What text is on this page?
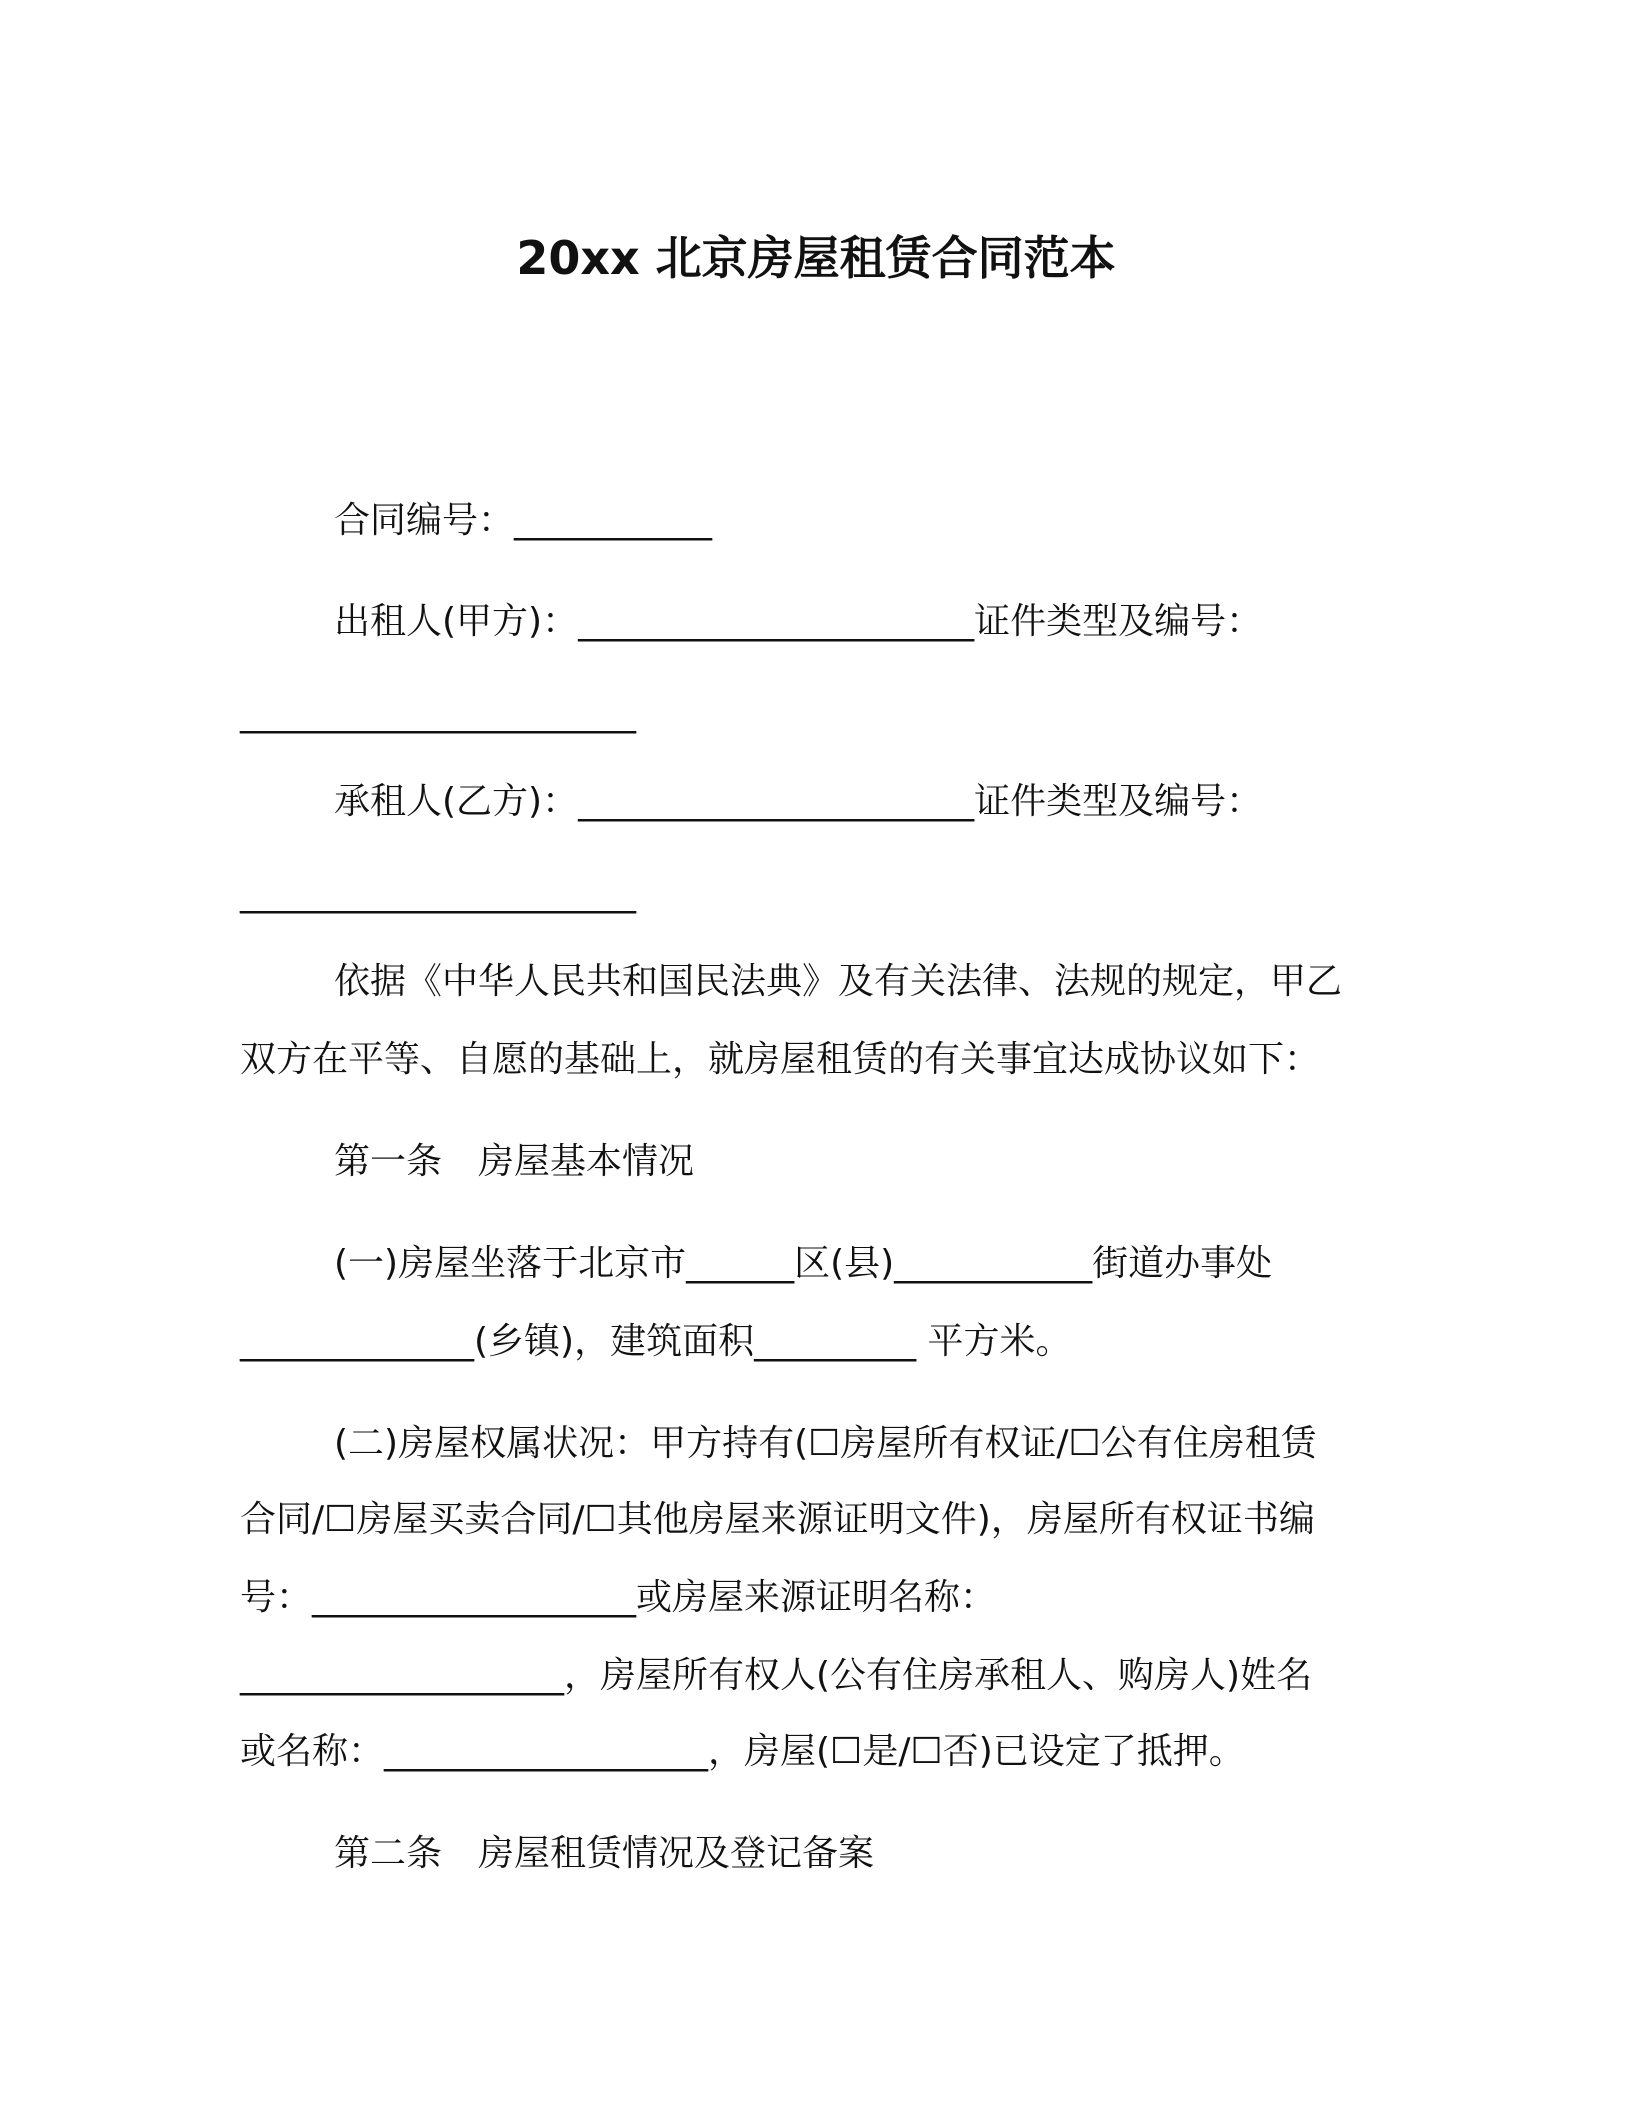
20xx 北京房屋租赁合同范本
合同编号：___________
出租人(甲方)：______________________证件类型及编号：
______________________
承租人(乙方)：______________________证件类型及编号：
______________________
依据《中华人民共和国民法典》及有关法律、法规的规定，甲乙
双方在平等、自愿的基础上，就房屋租赁的有关事宜达成协议如下：
第一条　房屋基本情况
(一)房屋坐落于北京市______区(县)___________街道办事处
_____________(乡镇)，建筑面积_________ 平方米。
(二)房屋权属状况：甲方持有(☐房屋所有权证/☐公有住房租赁
合同/☐房屋买卖合同/☐其他房屋来源证明文件)，房屋所有权证书编
号：__________________或房屋来源证明名称：
__________________，房屋所有权人(公有住房承租人、购房人)姓名
或名称：__________________，房屋(☐是/☐否)已设定了抵押。
第二条　房屋租赁情况及登记备案
